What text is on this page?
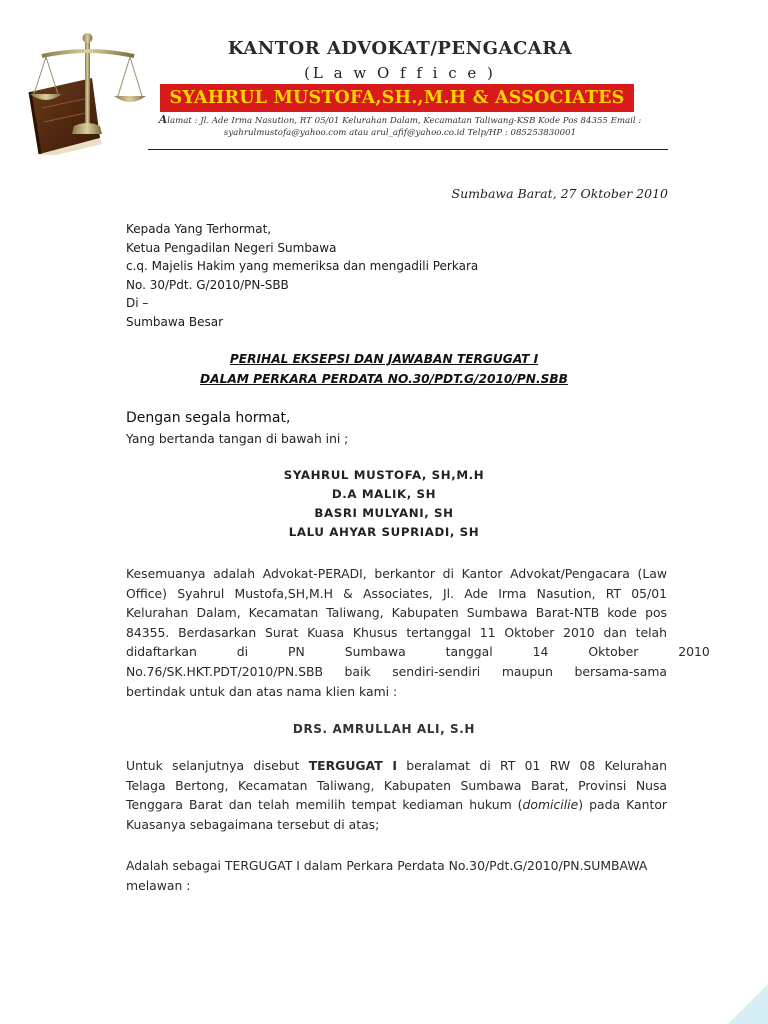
KANTOR ADVOKAT/PENGACARA
(L a w O f f i c e )
SYAHRUL MUSTOFA,SH.,M.H & ASSOCIATES
Alamat : Jl. Ade Irma Nasution, RT 05/01 Kelurahan Dalam, Kecamatan Taliwang-KSB Kode Pos 84355 Email :
syahrulmustofa@yahoo.com atau arul_afif@yahoo.co.id Telp/HP : 085253830001
Sumbawa Barat, 27 Oktober 2010
Kepada Yang Terhormat,
Ketua Pengadilan Negeri Sumbawa
c.q. Majelis Hakim yang memeriksa dan mengadili Perkara
No. 30/Pdt. G/2010/PN-SBB
Di –
Sumbawa Besar
PERIHAL EKSEPSI DAN JAWABAN TERGUGAT I
DALAM PERKARA PERDATA NO.30/PDT.G/2010/PN.SBB
Dengan segala hormat,
Yang bertanda tangan di bawah ini ;
SYAHRUL MUSTOFA, SH,M.H
D.A MALIK, SH
BASRI MULYANI, SH
LALU AHYAR SUPRIADI, SH
Kesemuanya adalah Advokat-PERADI, berkantor di Kantor Advokat/Pengacara (Law
Office) Syahrul Mustofa,SH,M.H & Associates, Jl. Ade Irma Nasution, RT 05/01
Kelurahan Dalam, Kecamatan Taliwang, Kabupaten Sumbawa Barat-NTB kode pos
84355. Berdasarkan Surat Kuasa Khusus tertanggal 11 Oktober 2010 dan telah
didaftarkan di PN Sumbawa tanggal 14 Oktober 2010
No.76/SK.HKT.PDT/2010/PN.SBB baik sendiri-sendiri maupun bersama-sama
bertindak untuk dan atas nama klien kami :
DRS. AMRULLAH ALI, S.H
Untuk selanjutnya disebut TERGUGAT I beralamat di RT 01 RW 08 Kelurahan
Telaga Bertong, Kecamatan Taliwang, Kabupaten Sumbawa Barat, Provinsi Nusa
Tenggara Barat dan telah memilih tempat kediaman hukum (domicilie) pada Kantor
Kuasanya sebagaimana tersebut di atas;
Adalah sebagai TERGUGAT I dalam Perkara Perdata No.30/Pdt.G/2010/PN.SUMBAWA
melawan :
